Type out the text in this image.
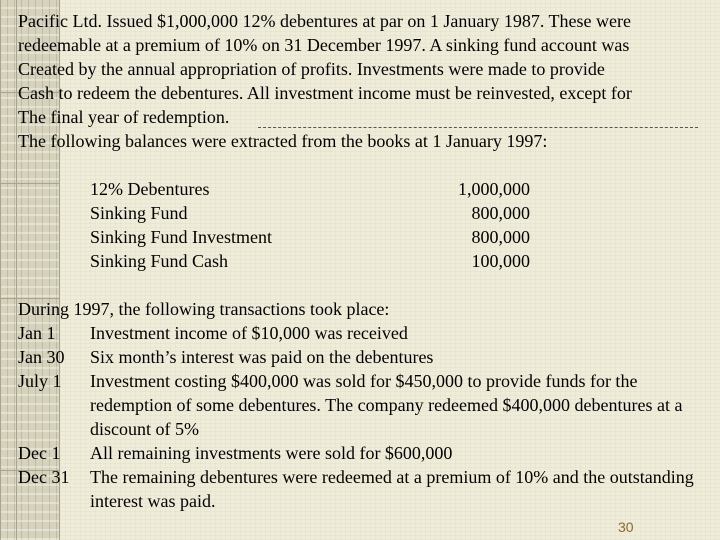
Pacific Ltd. Issued $1,000,000 12% debentures at par on 1 January 1987. These were
redeemable at a premium of 10% on 31 December 1997. A sinking fund account was
Created by the annual appropriation of profits. Investments were made to provide
Cash to redeem the debentures. All investment income must be reinvested, except for
The final year of redemption.
The following balances were extracted from the books at 1 January 1997:
12% Debentures	1,000,000
Sinking Fund	800,000
Sinking Fund Investment	800,000
Sinking Fund Cash	100,000
During 1997, the following transactions took place:
Jan 1 Investment income of $10,000 was received
Jan 30 Six month’s interest was paid on the debentures
July 1 Investment costing $400,000 was sold for $450,000 to provide funds for the redemption of some debentures. The company redeemed $400,000 debentures at a discount of 5%
Dec 1 All remaining investments were sold for $600,000
Dec 31 The remaining debentures were redeemed at a premium of 10% and the outstanding interest was paid.
30
